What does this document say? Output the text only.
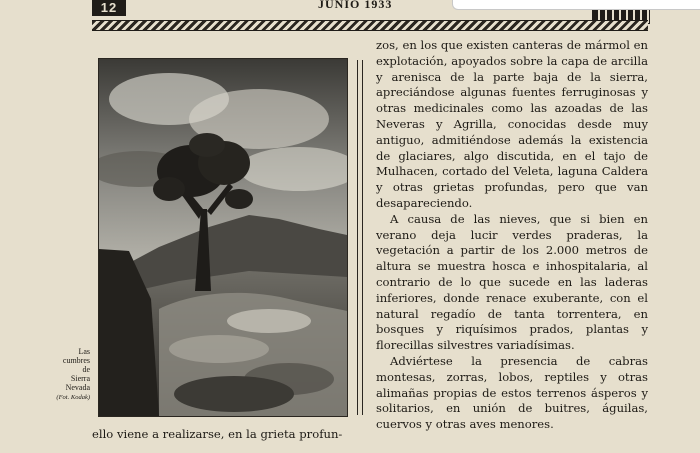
12	JUNIO 1933
Las
cumbres
de
Sierra
Nevada
(Fot. Kodak)

zos, en los que existen canteras de mármol en explotación, apoyados sobre la capa de arcilla y arenisca de la parte baja de la sierra, apreciándose algunas fuentes ferruginosas y otras medicinales como las azoadas de las Neveras y Agrilla, conocidas desde muy antiguo, admitiéndose además la existencia de glaciares, algo discutida, en el tajo de Mulhacen, cortado del Veleta, laguna Caldera y otras grietas profundas, pero que van desapareciendo.

A causa de las nieves, que si bien en verano deja lucir verdes praderas, la vegetación a partir de los 2.000 metros de altura se muestra hosca e inhospitalaria, al contrario de lo que sucede en las laderas inferiores, donde renace exuberante, con el natural regadío de tanta torrentera, en bosques y riquísimos prados, plantas y florecillas silvestres variadísimas.

Adviértese la presencia de cabras montesas, zorras, lobos, reptiles y otras alimañas propias de estos terrenos ásperos y solitarios, en unión de buitres, águilas, cuervos y otras aves menores.

ello viene a realizarse, en la grieta profun-
